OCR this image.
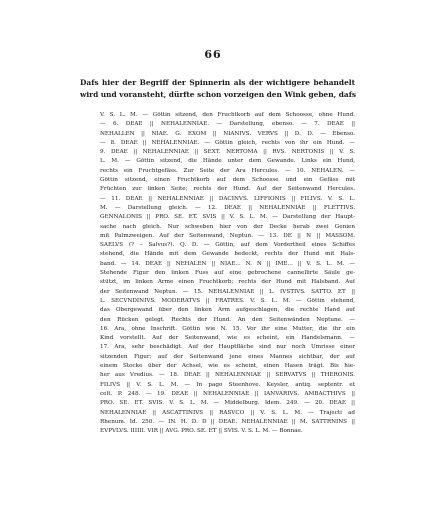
66
Dafs hier der Begriff der Spinnerin als der wichtigere behandelt
wird und voransteht, dürfte schon vorzeigen den Wink geben, dafs
V. S. L. M. — Göttin sitzend, den Fruchtkorb auf dem Schoosse, ohne Hund.
— 6. DEAE || NEHALENNIAE. — Darstellung, ebenso. — 7. DEAE ||
NEHALLEN || NIAE. G. EXOM || NIANIVS. VERVS || D. D. — Ebenso.
— 8. DEAE || NEHALENNIAE. — Göttin gleich, rechts von ihr ein Hund. —
9. DEAE || NEHALENNIAE || SEXT. NERTOMA || RVS. NERTONIS || V. S.
L. M. — Göttin sitzend, die Hände unter dem Gewande. Links ein Hund,
rechts ein Fruchtgefäss. Zur Seite der Ara Hercules. — 10. NEHALEN. —
Göttin sitzend, einen Fruchtkorb auf dem Schoosse und ein Gefäss mit
Früchten zur linken Seite; rechts der Hund. Auf der Seitenwand Hercules.
— 11. DEAE || NEHALENNIAE || DACINVS. LIFFIONIS || FILIVS. V. S. L.
M. — Darstellung gleich. — 12. DEAE || NEHALENNIAE || FLETTIVS.
GENNALONIS || PRO. SE. ET. SVIS || V. S. L. M. — Darstellung der Haupt-
sache nach gleich. Nur schweben hier von der Decke herab zwei Genien
mit Palmzweigen. Auf der Seitenwand, Neptun. — 13. DE || N || MASSOM.
SAELVS (? – Salvus?). Q. D. — Göttin, auf dem Vordertheil eines Schiffes
stehend, die Hände mit dem Gewande bedeckt, rechts der Hund mit Hals-
band. — 14. DEAE || NEHALEN || NIAE... N. N || IME... || V. S. L. M. —
Stehende Figur den linken Fuss auf eine gebrochene cannellirte Säule ge-
stützt, im linken Arme einen Fruchtkorb; rechts der Hund mit Halsband. Auf
der Seitenwand Neptun. — 15. NEHALENNIAE || L. IVSTIVS. SATTO. ET ||
L. SECVNDINIVS. MODERATVS || FRATRES. V. S. L. M. — Göttin stehend,
das Obergewand über den linken Arm aufgeschlagen, die rechte Hand auf
den Rücken gelegt. Rechts der Hund. An den Seitenwänden Neptune. —
16. Ara, ohne Inschrift. Göttin wie N. 15. Vor ihr eine Mutter, die ihr ein
Kind vorstellt. Auf der Seitenwand, wie es scheint, ein Handelsmann. —
17. Ara, sehr beschädigt. Auf der Hauptfläche sind nur noch Umrisse einer
sitzenden Figur; auf der Seitenwand jene eines Mannes sichtbar, der auf
einem Stocke über der Achsel, wie es scheint, einen Hasen trägt. Bis hie-
her aus Vredius. — 18. DEAE || NEHALENNIAE || SERVATVS || THERONIS.
FILIVS || V. S. L. M. — In pago Steenhove. Keysler, antiq. septentr. et
celt. P. 248. — 19. DEAE || NEHALENNIAE || IANVARIVS. AMBACTHIVS ||
PRO. SE. ET. SVIS. V. S. L. M. — Middelburg. Idem. 249. — 20. DEAE ||
NEHALENNIAE || ASCATTINIVS || RASVCO || V. S. L. M. — Trajecti ad
Rhenum. Id. 250. — IN. H. D. D || DEAE. NEHALENNIAE || M. SATTRNINS ||
EVPVLVS. IIIIII. VIR || AVG. PRO. SE. ET || SVIS. V. S. L. M. — Bonnae.
